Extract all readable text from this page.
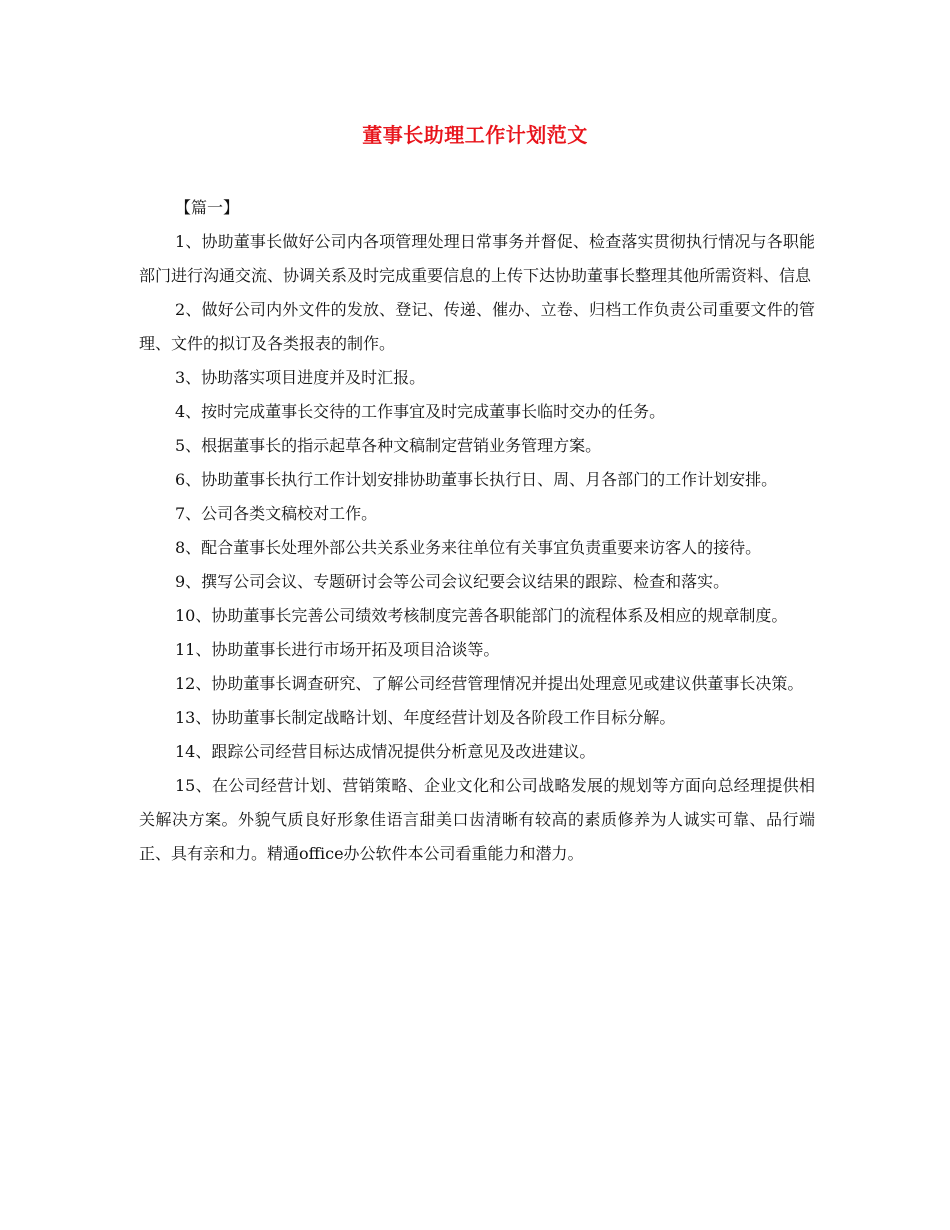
董事长助理工作计划范文

【篇一】

1、协助董事长做好公司内各项管理处理日常事务并督促、检查落实贯彻执行情况与各职能部门进行沟通交流、协调关系及时完成重要信息的上传下达协助董事长整理其他所需资料、信息

2、做好公司内外文件的发放、登记、传递、催办、立卷、归档工作负责公司重要文件的管理、文件的拟订及各类报表的制作。

3、协助落实项目进度并及时汇报。

4、按时完成董事长交待的工作事宜及时完成董事长临时交办的任务。

5、根据董事长的指示起草各种文稿制定营销业务管理方案。

6、协助董事长执行工作计划安排协助董事长执行日、周、月各部门的工作计划安排。

7、公司各类文稿校对工作。

8、配合董事长处理外部公共关系业务来往单位有关事宜负责重要来访客人的接待。

9、撰写公司会议、专题研讨会等公司会议纪要会议结果的跟踪、检查和落实。

10、协助董事长完善公司绩效考核制度完善各职能部门的流程体系及相应的规章制度。

11、协助董事长进行市场开拓及项目洽谈等。

12、协助董事长调查研究、了解公司经营管理情况并提出处理意见或建议供董事长决策。

13、协助董事长制定战略计划、年度经营计划及各阶段工作目标分解。

14、跟踪公司经营目标达成情况提供分析意见及改进建议。

15、在公司经营计划、营销策略、企业文化和公司战略发展的规划等方面向总经理提供相关解决方案。外貌气质良好形象佳语言甜美口齿清晰有较高的素质修养为人诚实可靠、品行端正、具有亲和力。精通office办公软件本公司看重能力和潜力。
